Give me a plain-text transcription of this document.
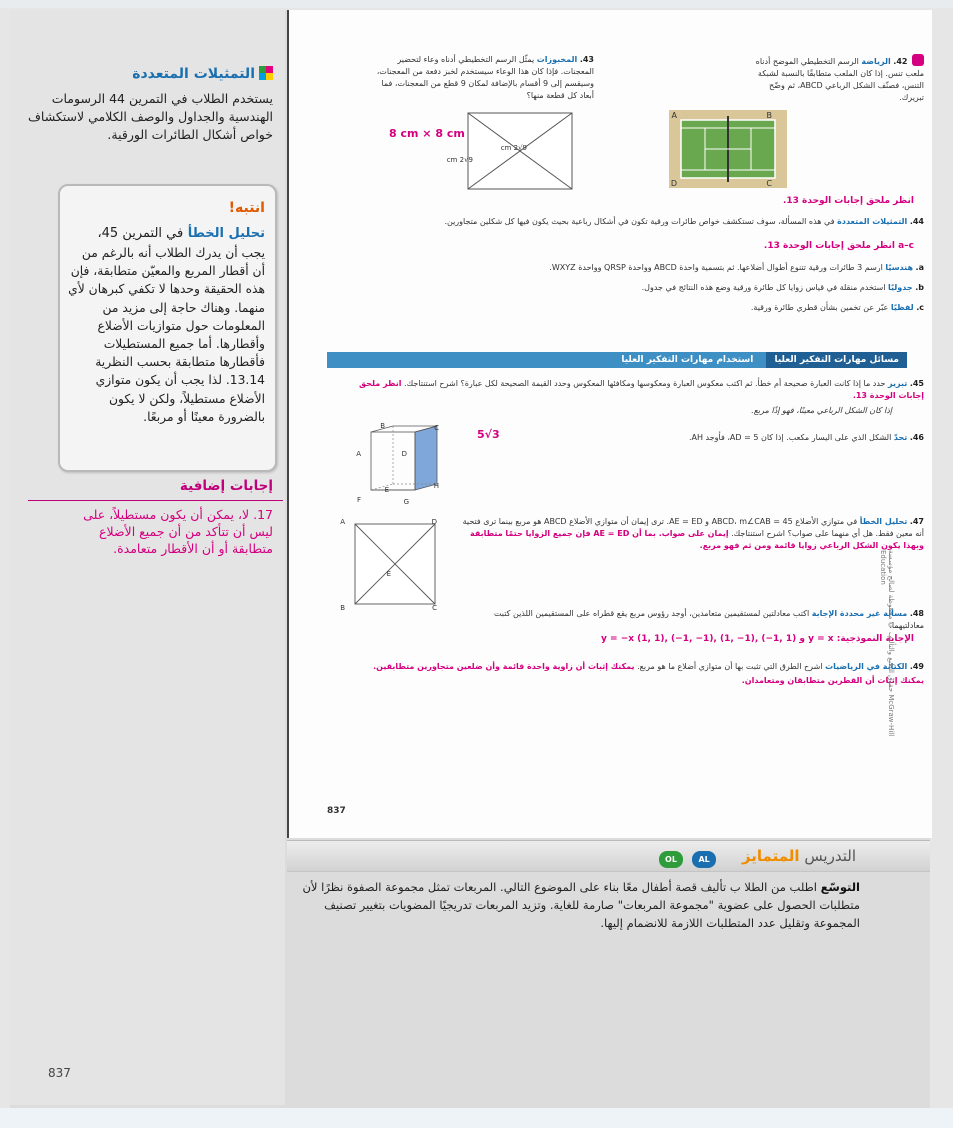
التمثيلات المتعددة
يستخدم الطلاب في التمرين 44 الرسومات الهندسية والجداول والوصف الكلامي لاستكشاف خواص أشكال الطائرات الورقية.
انتبه!
تحليل الخطأ في التمرين 45،
يجب أن يدرك الطلاب أنه بالرغم من أن أقطار المربع والمعيّن متطابقة، فإن هذه الحقيقة وحدها لا تكفي كبرهان لأي منهما. وهناك حاجة إلى مزيد من المعلومات حول متوازيات الأضلاع وأقطارها. أما جميع المستطيلات فأقطارها متطابقة بحسب النظرية 13.14. لذا يجب أن يكون متوازي الأضلاع مستطيلاً، ولكن لا يكون بالضرورة معينًا أو مربعًا.
إجابات إضافية
17. لا، يمكن أن يكون مستطيلاً، على ليس أن تتأكد من أن جميع الأضلاع متطابقة أو أن الأقطار متعامدة.
837
42. الرياضة الرسم التخطيطي الموضح أدناه ملعب تنس. إذا كان الملعب متطابقًا بالنسبة لشبكة التنس، فصنّف الشكل الرباعي ABCD، ثم وضّح تبريرك.
A	B
C
D
انظر ملحق إجابات الوحدة 13.
43. المخبوزات يمثّل الرسم التخطيطي أدناه وعاء لتحضير المعجنات. فإذا كان هذا الوعاء سيستخدم لخبز دفعة من المعجنات، وسيقسم إلى 9 أقسام بالإضافة لمكان 9 قطع من المعجنات، فما أبعاد كل قطعة منها؟
8 cm × 8 cm
9√2 cm
9√2 cm
44. التمثيلات المتعددة في هذه المسألة، سوف تستكشف خواص طائرات ورقية تكون في أشكال رباعية بحيث يكون فيها كل شكلين متجاورين.
a–c انظر ملحق إجابات الوحدة 13.
a. هندسيًا ارسم 3 طائرات ورقية تتنوع أطوال أضلاعها. ثم بتسمية واحدة ABCD وواحدة QRSP وواحدة WXYZ.
b. جدوليًا استخدم منقلة في قياس زوايا كل طائرة ورقية وضع هذه النتائج في جدول.
c. لفظيًا عبّر عن تخمين بشأن قطري طائرة ورقية.
مسائل مهارات التفكير العليا استخدام مهارات التفكير العليا
45. تبرير حدد ما إذا كانت العبارة صحيحة أم خطأ. ثم اكتب معكوس العبارة ومعكوسها ومكافئها المعكوس وحدد القيمة الصحيحة لكل عبارة؟ اشرح استنتاجك. انظر ملحق إجابات الوحدة 13.
إذا كان الشكل الرباعي معينًا، فهو إذًا مربع.
46. تحدّ الشكل الذي على اليسار مكعب. إذا كان AD = 5، فأوجد AH.
5√3
B	C
A	D
E
F	G
H
47. تحليل الخطأ في متوازي الأضلاع ABCD، m∠CAB = 45 و AE = ED. ترى إيمان أن متوازي الأضلاع ABCD هو مربع بينما ترى فتحية أنه معين فقط. هل أي منهما على صواب؟ اشرح استنتاجك. إيمان على صواب. بما أن AE = ED فإن جميع الزوايا حتمًا متطابقة وبهذا يكون الشكل الرباعي زوايا قائمة ومن ثم فهو مربع.
A
B	C
D
E
48. مسألة غير محددة الإجابة اكتب معادلتين لمستقيمين متعامدين، أوجد رؤوس مربع يقع قطراه على المستقيمين اللذين كتبت معادلتيهما.
الإجابة النموذجية: y = x و y = −x (1, 1), (−1, −1), (1, −1), (−1, 1)
49. الكتابة في الرياضيات اشرح الطرق التي تثبت بها أن متوازي أضلاع ما هو مربع. يمكنك إثبات أن زاوية واحدة قائمة وأن ضلعين متجاورين متطابقين. يمكنك إثبات أن القطرين متطابقان ومتعامدان.
حقوق الطبع والتأليف © محفوظة لصالح مؤسسة McGraw-Hill Education
837
التدريس المتمايز
OL	AL
التوسّع اطلب من الطلا ب تأليف قصة أطفال معًا بناء على الموضوع التالي. المربعات تمثل مجموعة الصفوة نظرًا لأن متطلبات الحصول على عضوية "مجموعة المربعات" صارمة للغاية. وتزيد المربعات تدريجيًا المضويات بتغيير تصنيف المجموعة وتقليل عدد المتطلبات اللازمة للانضمام إليها.
